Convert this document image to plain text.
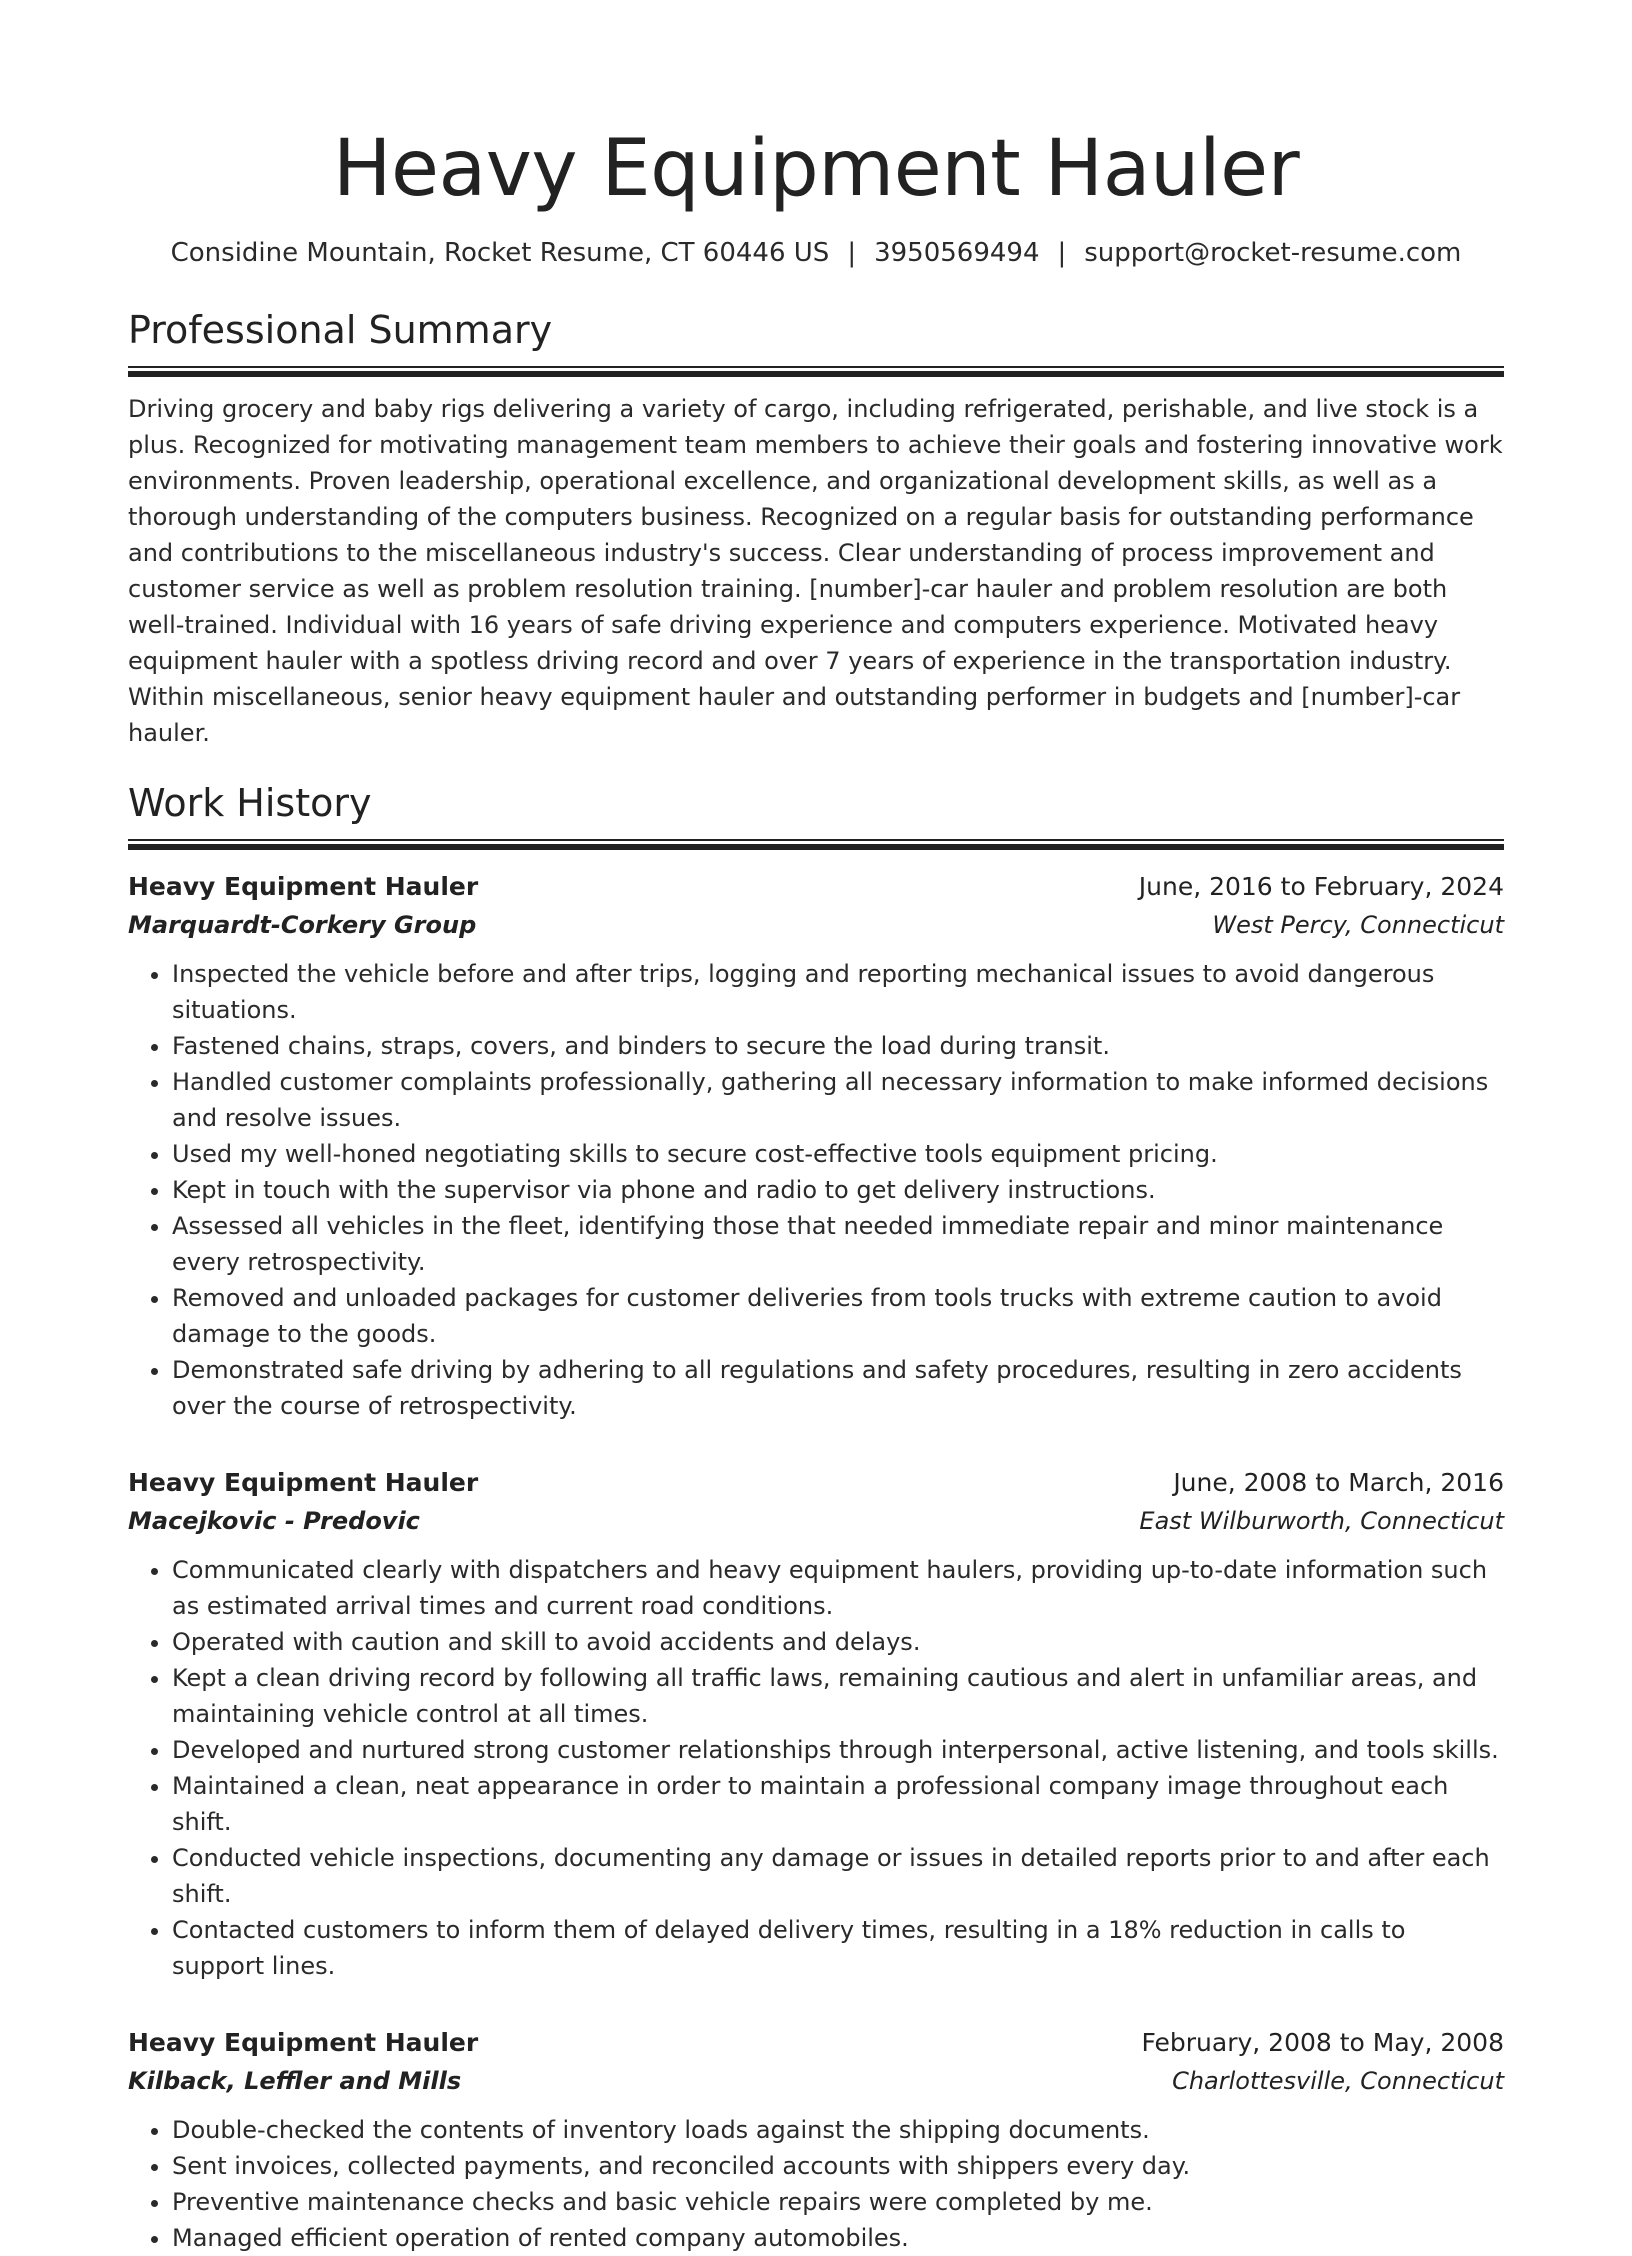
Heavy Equipment Hauler
Considine Mountain, Rocket Resume, CT 60446 US | 3950569494 | support@rocket-resume.com
Professional Summary

Driving grocery and baby rigs delivering a variety of cargo, including refrigerated, perishable, and live stock is a plus. Recognized for motivating management team members to achieve their goals and fostering innovative work environments. Proven leadership, operational excellence, and organizational development skills, as well as a thorough understanding of the computers business. Recognized on a regular basis for outstanding performance and contributions to the miscellaneous industry's success. Clear understanding of process improvement and customer service as well as problem resolution training. [number]-car hauler and problem resolution are both well-trained. Individual with 16 years of safe driving experience and computers experience. Motivated heavy equipment hauler with a spotless driving record and over 7 years of experience in the transportation industry. Within miscellaneous, senior heavy equipment hauler and outstanding performer in budgets and [number]-car hauler.

Work History
Heavy Equipment Hauler	June, 2016 to February, 2024
Marquardt-Corkery Group	West Percy, Connecticut
• Inspected the vehicle before and after trips, logging and reporting mechanical issues to avoid dangerous situations.
• Fastened chains, straps, covers, and binders to secure the load during transit.
• Handled customer complaints professionally, gathering all necessary information to make informed decisions and resolve issues.
• Used my well-honed negotiating skills to secure cost-effective tools equipment pricing.
• Kept in touch with the supervisor via phone and radio to get delivery instructions.
• Assessed all vehicles in the fleet, identifying those that needed immediate repair and minor maintenance every retrospectivity.
• Removed and unloaded packages for customer deliveries from tools trucks with extreme caution to avoid damage to the goods.
• Demonstrated safe driving by adhering to all regulations and safety procedures, resulting in zero accidents over the course of retrospectivity.
Heavy Equipment Hauler	June, 2008 to March, 2016
Macejkovic - Predovic	East Wilburworth, Connecticut
• Communicated clearly with dispatchers and heavy equipment haulers, providing up-to-date information such as estimated arrival times and current road conditions.
• Operated with caution and skill to avoid accidents and delays.
• Kept a clean driving record by following all traffic laws, remaining cautious and alert in unfamiliar areas, and maintaining vehicle control at all times.
• Developed and nurtured strong customer relationships through interpersonal, active listening, and tools skills.
• Maintained a clean, neat appearance in order to maintain a professional company image throughout each shift.
• Conducted vehicle inspections, documenting any damage or issues in detailed reports prior to and after each shift.
• Contacted customers to inform them of delayed delivery times, resulting in a 18% reduction in calls to support lines.
Heavy Equipment Hauler	February, 2008 to May, 2008
Kilback, Leffler and Mills	Charlottesville, Connecticut
• Double-checked the contents of inventory loads against the shipping documents.
• Sent invoices, collected payments, and reconciled accounts with shippers every day.
• Preventive maintenance checks and basic vehicle repairs were completed by me.
• Managed efficient operation of rented company automobiles.
